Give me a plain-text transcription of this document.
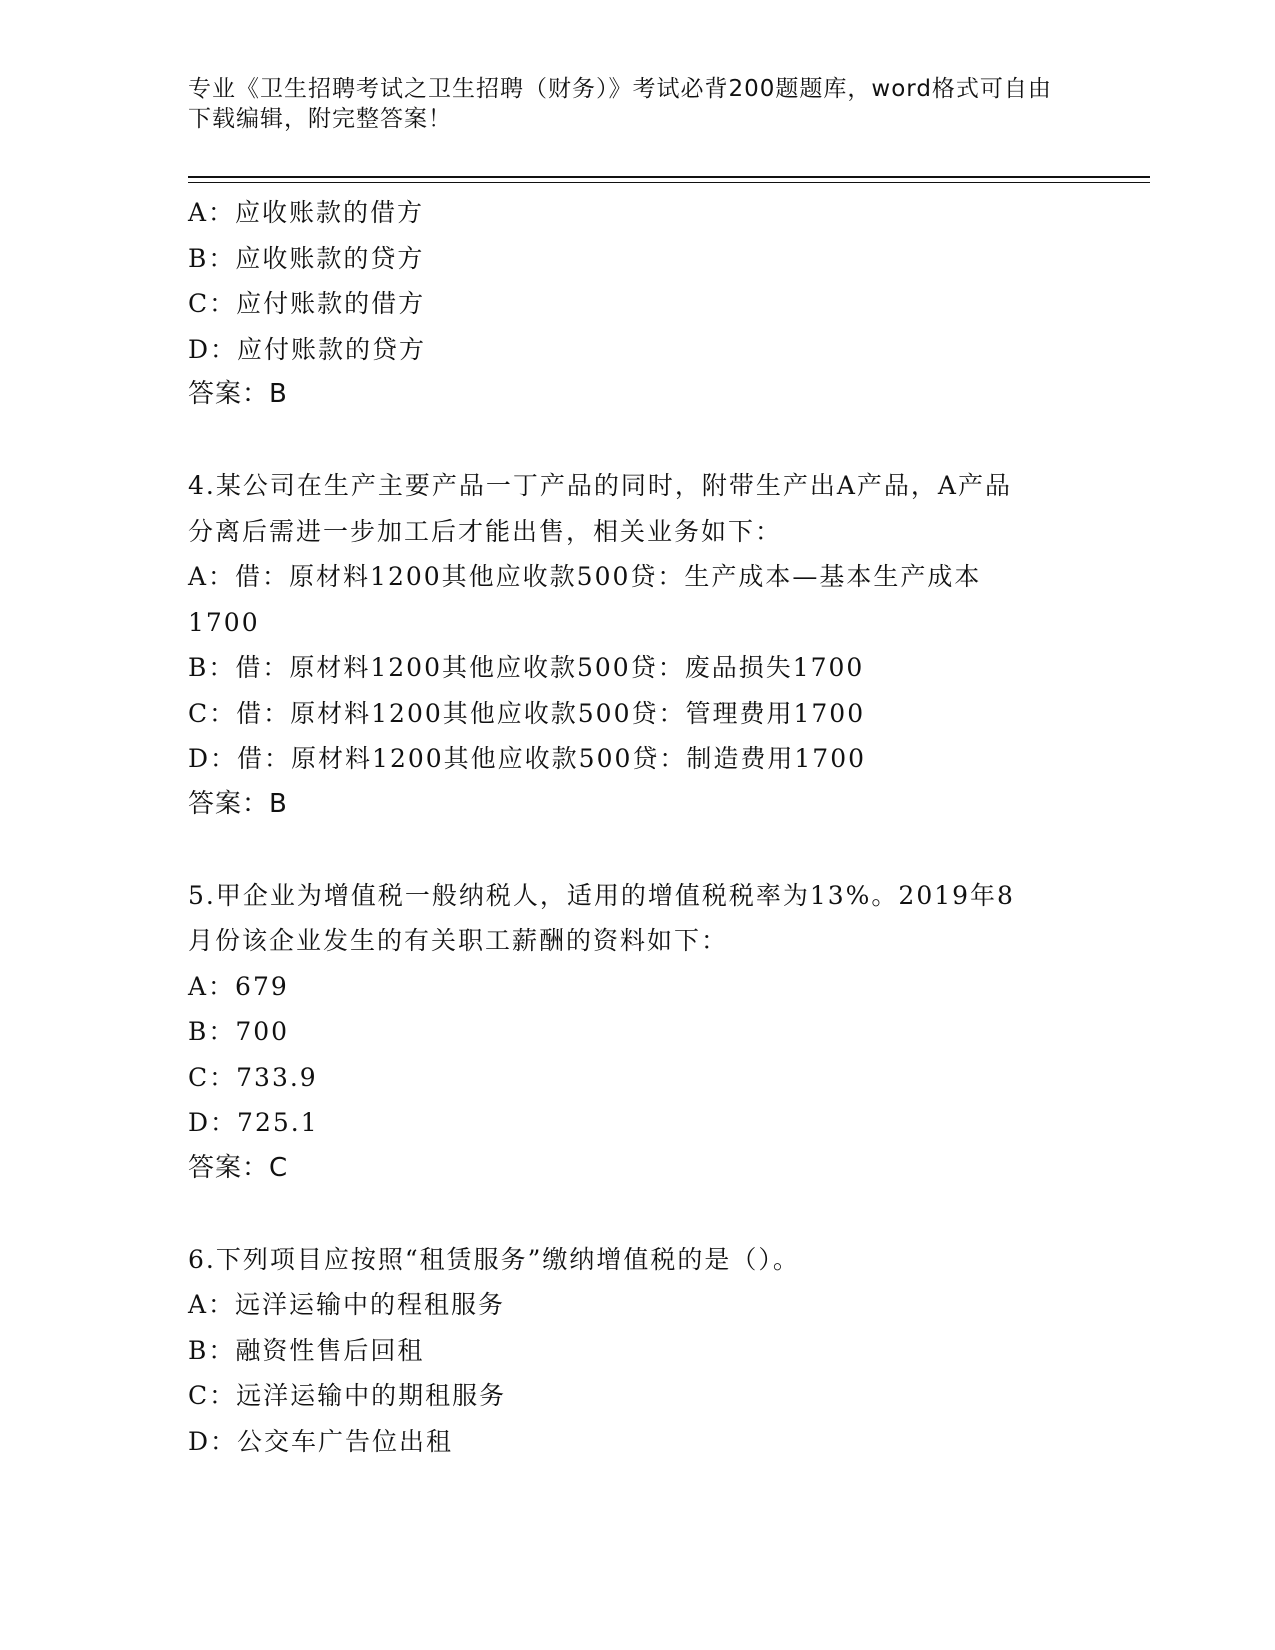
专业《卫生招聘考试之卫生招聘（财务）》考试必背200题题库，word格式可自由下载编辑，附完整答案！
A：应收账款的借方
B：应收账款的贷方
C：应付账款的借方
D：应付账款的贷方
答案：B
4.某公司在生产主要产品一丁产品的同时，附带生产出A产品，A产品
分离后需进一步加工后才能出售，相关业务如下：
A：借：原材料1200其他应收款500贷：生产成本—基本生产成本
1700
B：借：原材料1200其他应收款500贷：废品损失1700
C：借：原材料1200其他应收款500贷：管理费用1700
D：借：原材料1200其他应收款500贷：制造费用1700
答案：B
5.甲企业为增值税一般纳税人，适用的增值税税率为13%。2019年8
月份该企业发生的有关职工薪酬的资料如下：
A：679
B：700
C：733.9
D：725.1
答案：C
6.下列项目应按照“租赁服务”缴纳增值税的是（）。
A：远洋运输中的程租服务
B：融资性售后回租
C：远洋运输中的期租服务
D：公交车广告位出租
